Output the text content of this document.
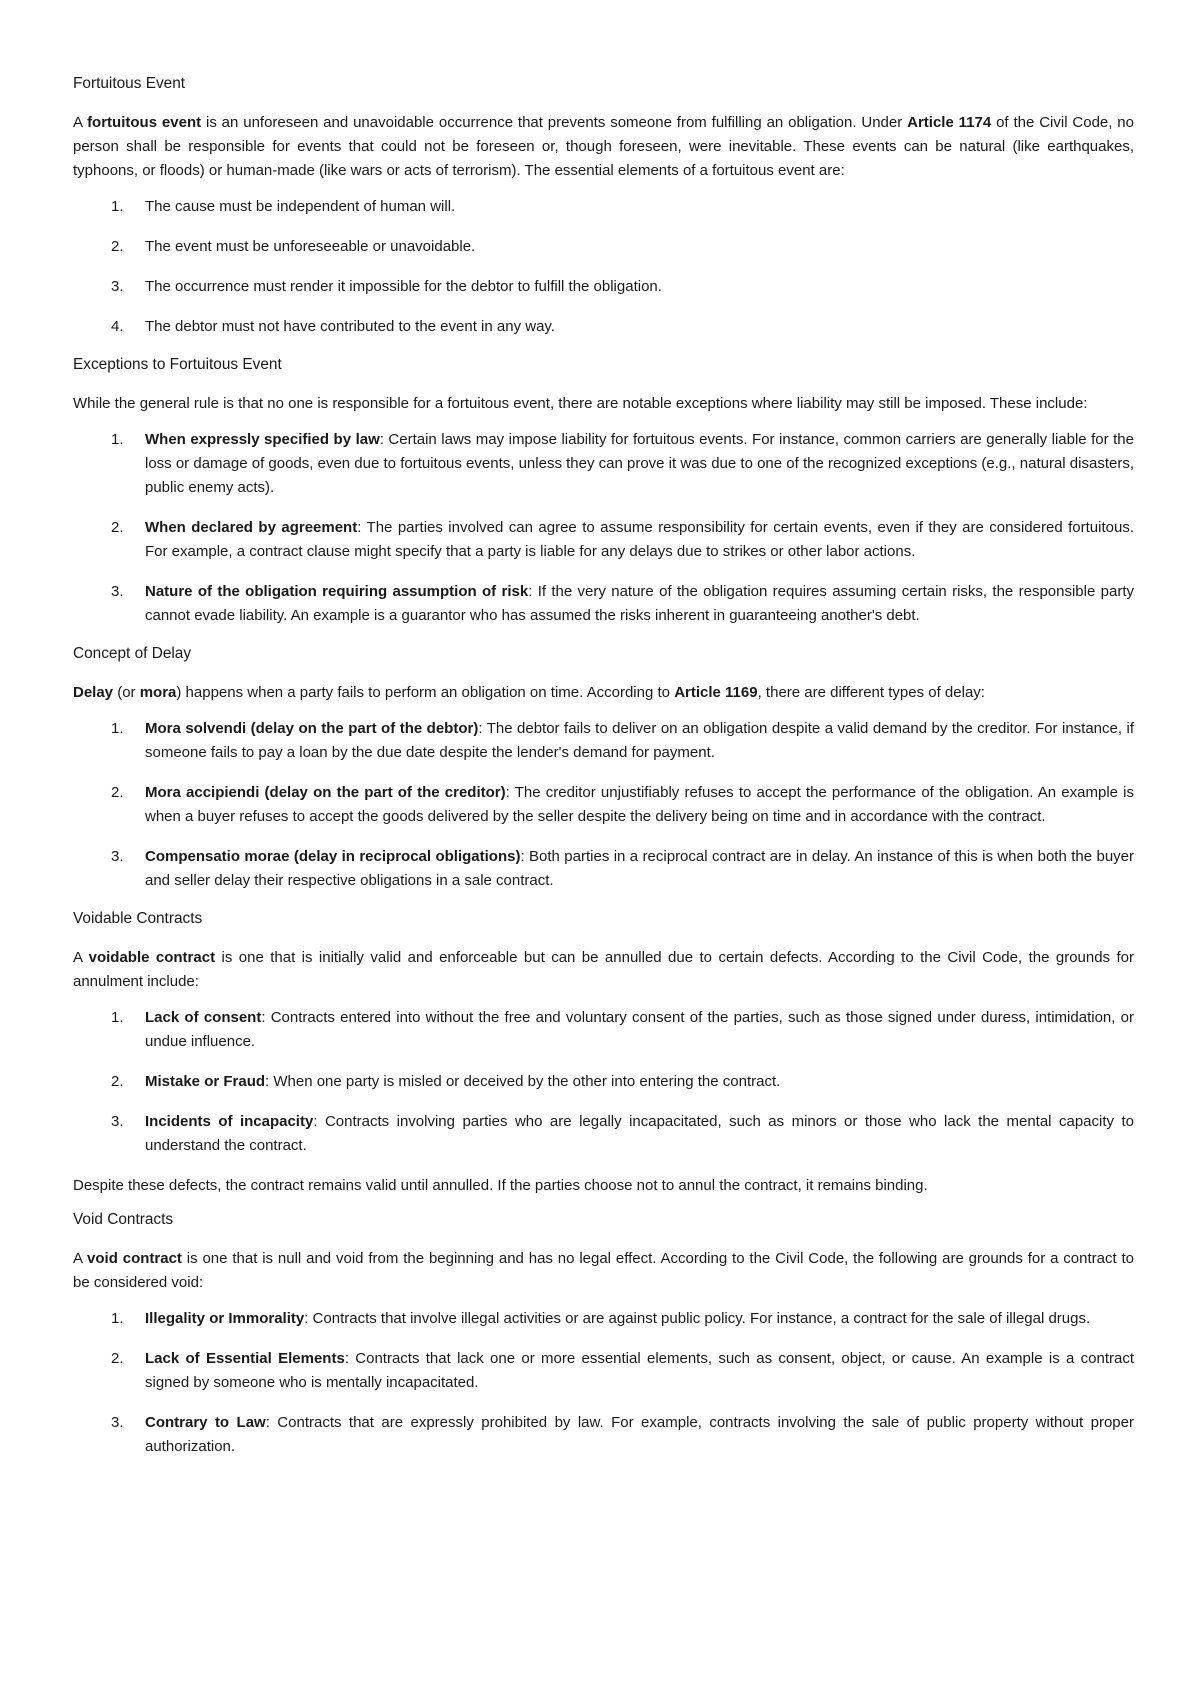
Fortuitous Event
A fortuitous event is an unforeseen and unavoidable occurrence that prevents someone from fulfilling an obligation. Under Article 1174 of the Civil Code, no person shall be responsible for events that could not be foreseen or, though foreseen, were inevitable. These events can be natural (like earthquakes, typhoons, or floods) or human-made (like wars or acts of terrorism). The essential elements of a fortuitous event are:
1. The cause must be independent of human will.
2. The event must be unforeseeable or unavoidable.
3. The occurrence must render it impossible for the debtor to fulfill the obligation.
4. The debtor must not have contributed to the event in any way.
Exceptions to Fortuitous Event
While the general rule is that no one is responsible for a fortuitous event, there are notable exceptions where liability may still be imposed. These include:
1. When expressly specified by law: Certain laws may impose liability for fortuitous events. For instance, common carriers are generally liable for the loss or damage of goods, even due to fortuitous events, unless they can prove it was due to one of the recognized exceptions (e.g., natural disasters, public enemy acts).
2. When declared by agreement: The parties involved can agree to assume responsibility for certain events, even if they are considered fortuitous. For example, a contract clause might specify that a party is liable for any delays due to strikes or other labor actions.
3. Nature of the obligation requiring assumption of risk: If the very nature of the obligation requires assuming certain risks, the responsible party cannot evade liability. An example is a guarantor who has assumed the risks inherent in guaranteeing another's debt.
Concept of Delay
Delay (or mora) happens when a party fails to perform an obligation on time. According to Article 1169, there are different types of delay:
1. Mora solvendi (delay on the part of the debtor): The debtor fails to deliver on an obligation despite a valid demand by the creditor. For instance, if someone fails to pay a loan by the due date despite the lender's demand for payment.
2. Mora accipiendi (delay on the part of the creditor): The creditor unjustifiably refuses to accept the performance of the obligation. An example is when a buyer refuses to accept the goods delivered by the seller despite the delivery being on time and in accordance with the contract.
3. Compensatio morae (delay in reciprocal obligations): Both parties in a reciprocal contract are in delay. An instance of this is when both the buyer and seller delay their respective obligations in a sale contract.
Voidable Contracts
A voidable contract is one that is initially valid and enforceable but can be annulled due to certain defects. According to the Civil Code, the grounds for annulment include:
1. Lack of consent: Contracts entered into without the free and voluntary consent of the parties, such as those signed under duress, intimidation, or undue influence.
2. Mistake or Fraud: When one party is misled or deceived by the other into entering the contract.
3. Incidents of incapacity: Contracts involving parties who are legally incapacitated, such as minors or those who lack the mental capacity to understand the contract.
Despite these defects, the contract remains valid until annulled. If the parties choose not to annul the contract, it remains binding.
Void Contracts
A void contract is one that is null and void from the beginning and has no legal effect. According to the Civil Code, the following are grounds for a contract to be considered void:
1. Illegality or Immorality: Contracts that involve illegal activities or are against public policy. For instance, a contract for the sale of illegal drugs.
2. Lack of Essential Elements: Contracts that lack one or more essential elements, such as consent, object, or cause. An example is a contract signed by someone who is mentally incapacitated.
3. Contrary to Law: Contracts that are expressly prohibited by law. For example, contracts involving the sale of public property without proper authorization.
